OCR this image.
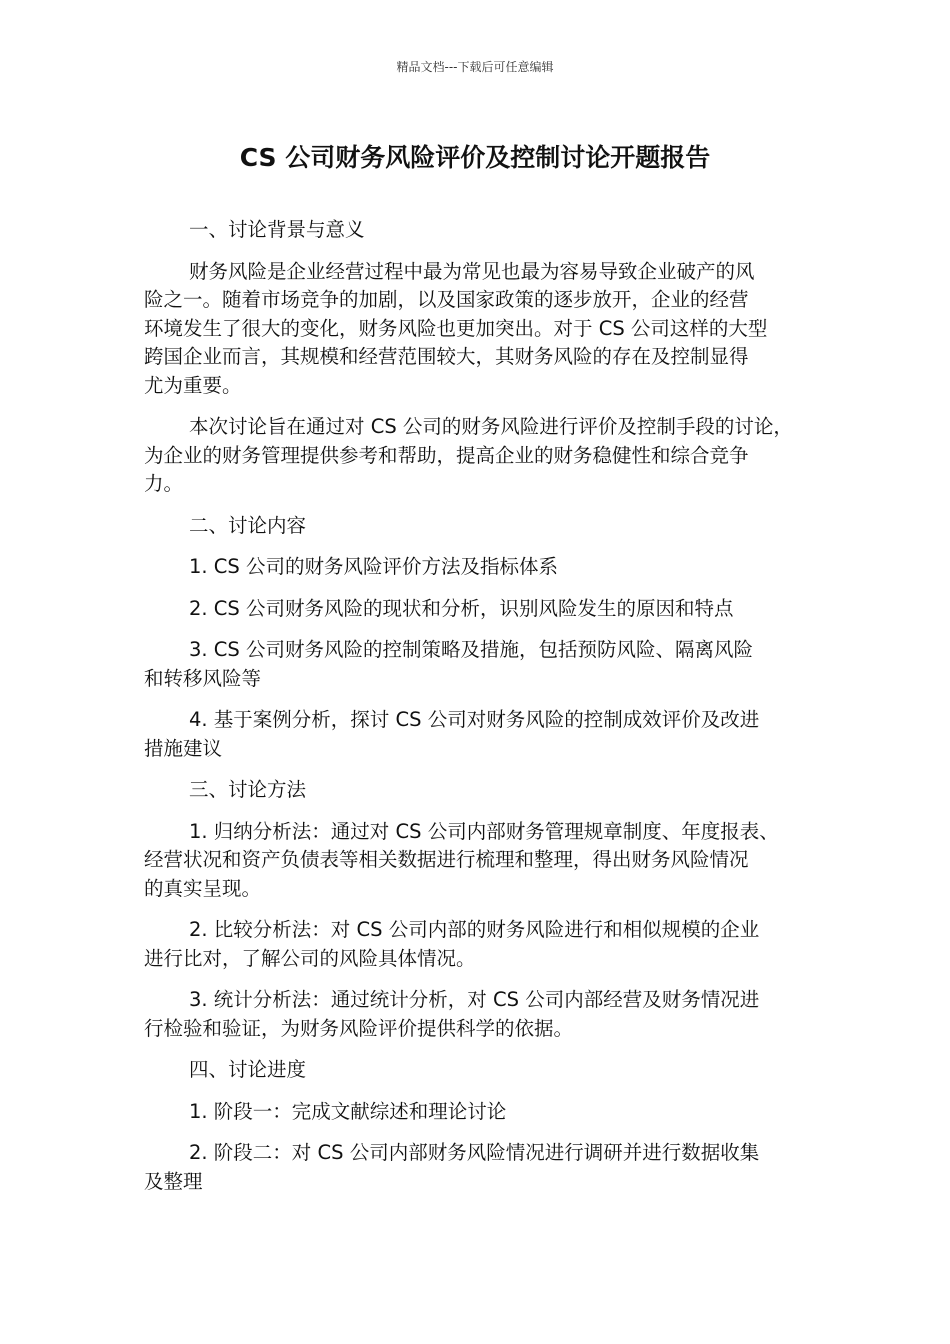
精品文档---下载后可任意编辑
CS 公司财务风险评价及控制讨论开题报告
一、讨论背景与意义
财务风险是企业经营过程中最为常见也最为容易导致企业破产的风
险之一。随着市场竞争的加剧，以及国家政策的逐步放开，企业的经营
环境发生了很大的变化，财务风险也更加突出。对于 CS 公司这样的大型
跨国企业而言，其规模和经营范围较大，其财务风险的存在及控制显得
尤为重要。
本次讨论旨在通过对 CS 公司的财务风险进行评价及控制手段的讨论，
为企业的财务管理提供参考和帮助，提高企业的财务稳健性和综合竞争
力。
二、讨论内容
1. CS 公司的财务风险评价方法及指标体系
2. CS 公司财务风险的现状和分析，识别风险发生的原因和特点
3. CS 公司财务风险的控制策略及措施，包括预防风险、隔离风险
和转移风险等
4. 基于案例分析，探讨 CS 公司对财务风险的控制成效评价及改进
措施建议
三、讨论方法
1. 归纳分析法：通过对 CS 公司内部财务管理规章制度、年度报表、
经营状况和资产负债表等相关数据进行梳理和整理，得出财务风险情况
的真实呈现。
2. 比较分析法：对 CS 公司内部的财务风险进行和相似规模的企业
进行比对，了解公司的风险具体情况。
3. 统计分析法：通过统计分析，对 CS 公司内部经营及财务情况进
行检验和验证，为财务风险评价提供科学的依据。
四、讨论进度
1. 阶段一：完成文献综述和理论讨论
2. 阶段二：对 CS 公司内部财务风险情况进行调研并进行数据收集
及整理
